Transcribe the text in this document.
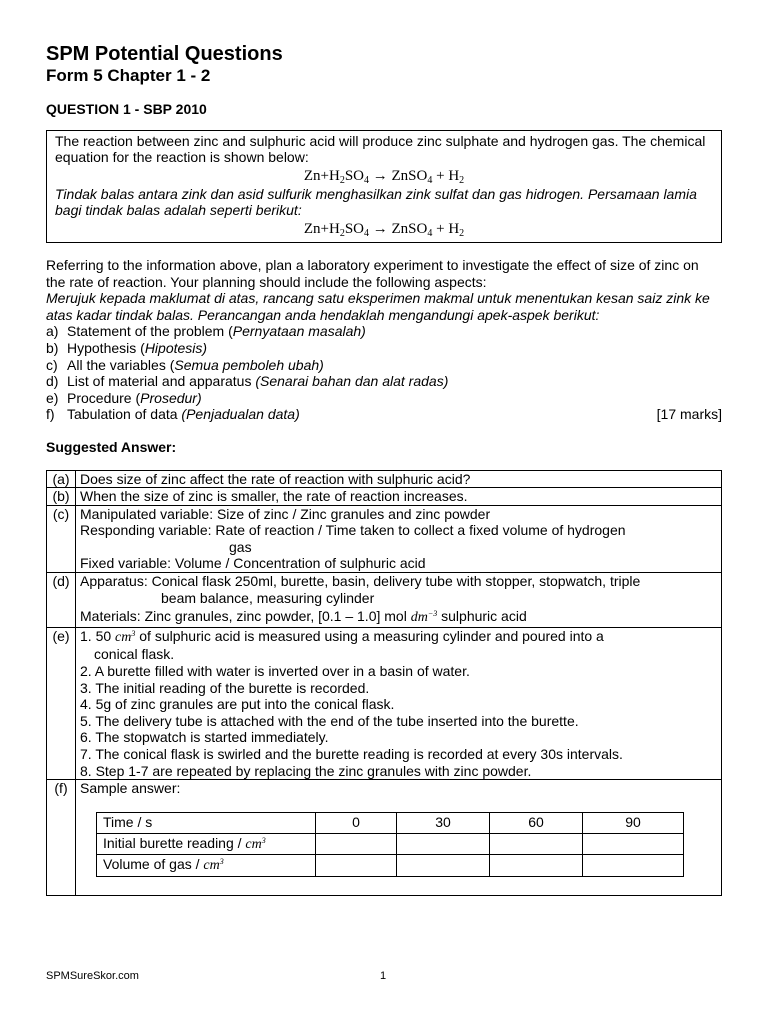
SPM Potential Questions
Form 5 Chapter 1 - 2
QUESTION 1 - SBP 2010
The reaction between zinc and sulphuric acid will produce zinc sulphate and hydrogen gas. The chemical equation for the reaction is shown below:
$Zn+H_2SO_4$ → ZnSO$_4$ + $H_2$
Tindak balas antara zink dan asid sulfurik menghasilkan zink sulfat dan gas hidrogen. Persamaan lamia bagi tindak balas adalah seperti berikut:
$Zn+H_2SO_4$ → ZnSO$_4$ + $H_2$
Referring to the information above, plan a laboratory experiment to investigate the effect of size of zinc on the rate of reaction. Your planning should include the following aspects:
Merujuk kepada maklumat di atas, rancang satu eksperimen makmal untuk menentukan kesan saiz zink ke atas kadar tindak balas. Perancangan anda hendaklah mengandungi apek-aspek berikut:
a) Statement of the problem (Pernyataan masalah)
b) Hypothesis (Hipotesis)
c) All the variables (Semua pemboleh ubah)
d) List of material and apparatus (Senarai bahan dan alat radas)
e) Procedure (Prosedur)
f) Tabulation of data (Penjadualan data)	[17 marks]
Suggested Answer:
(a)	Does size of zinc affect the rate of reaction with sulphuric acid?
(b)	When the size of zinc is smaller, the rate of reaction increases.
(c)	Manipulated variable: Size of zinc / Zinc granules and zinc powder
Responding variable: Rate of reaction / Time taken to collect a fixed volume of hydrogen
gas
Fixed variable: Volume / Concentration of sulphuric acid

(d)	Apparatus: Conical flask 250ml, burette, basin, delivery tube with stopper, stopwatch, triple
beam balance, measuring cylinder
Materials: Zinc granules, zinc powder, [0.1 – 1.0] mol $dm^{-3}$ sulphuric acid

(e)	1. 50 $cm^3$ of sulphuric acid is measured using a measuring cylinder and poured into a
conical flask.
2. A burette filled with water is inverted over in a basin of water.
3. The initial reading of the burette is recorded.
4. 5g of zinc granules are put into the conical flask.
5. The delivery tube is attached with the end of the tube inserted into the burette.
6. The stopwatch is started immediately.
7. The conical flask is swirled and the burette reading is recorded at every 30s intervals.
8. Step 1-7 are repeated by replacing the zinc granules with zinc powder.

(f)	Sample answer:
Time / s	0	30	60	90
Initial burette reading / $cm^3$				
Volume of gas / $cm^3$				
SPMSureSkor.com	1
